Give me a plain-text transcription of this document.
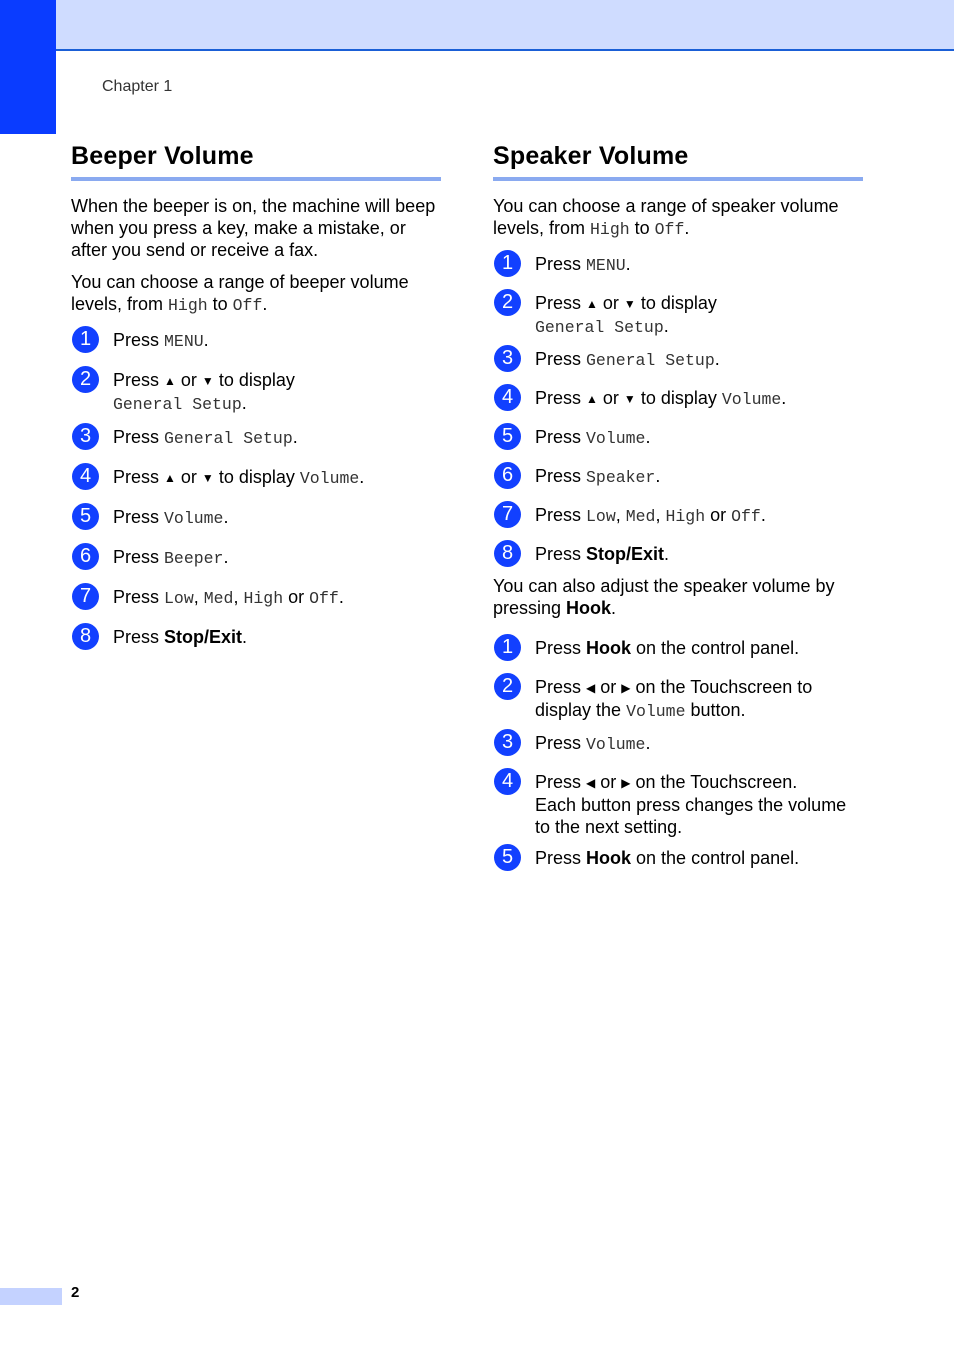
Chapter 1
Beeper Volume

When the beeper is on, the machine will beep when you press a key, make a mistake, or after you send or receive a fax.

You can choose a range of beeper volume levels, from High to Off.

1	Press MENU.
2	Press ▲ or ▼ to display
General Setup.
3	Press General Setup.
4	Press ▲ or ▼ to display Volume.
5	Press Volume.
6	Press Beeper.
7	Press Low, Med, High or Off.
8	Press Stop/Exit.
Speaker Volume

You can choose a range of speaker volume levels, from High to Off.

1	Press MENU.
2	Press ▲ or ▼ to display
General Setup.
3	Press General Setup.
4	Press ▲ or ▼ to display Volume.
5	Press Volume.
6	Press Speaker.
7	Press Low, Med, High or Off.
8	Press Stop/Exit.

You can also adjust the speaker volume by pressing Hook.

1	Press Hook on the control panel.
2	Press ◀ or ▶ on the Touchscreen to display the Volume button.
3	Press Volume.
4	Press ◀ or ▶ on the Touchscreen.
Each button press changes the volume to the next setting.
5	Press Hook on the control panel.
2
